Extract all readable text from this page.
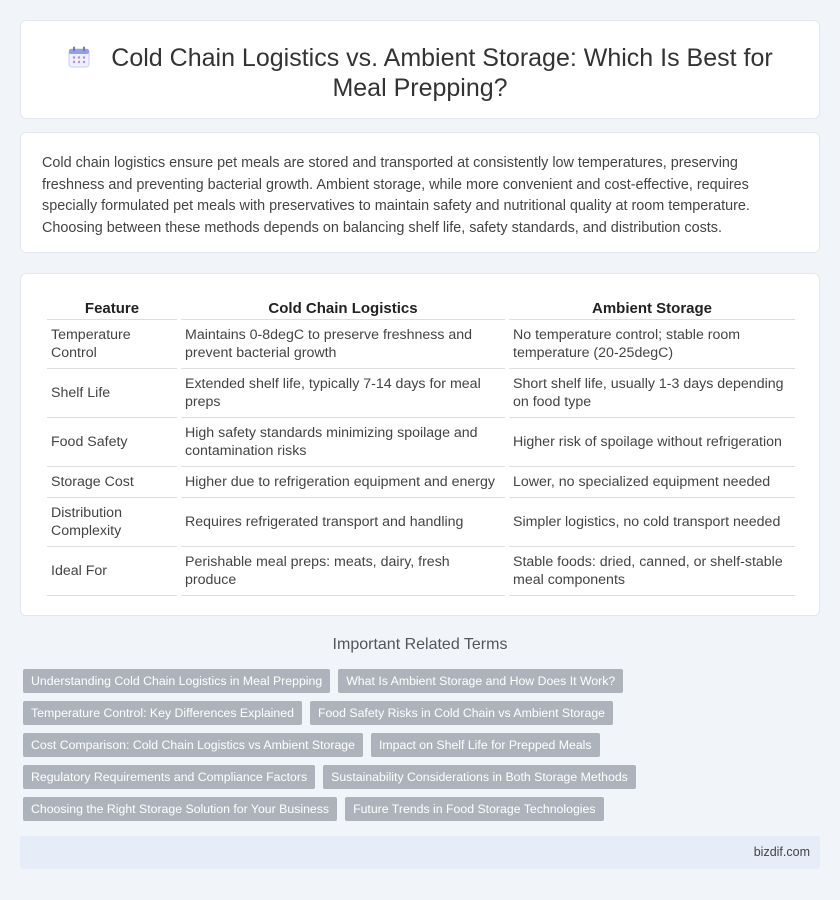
Cold Chain Logistics vs. Ambient Storage: Which Is Best for Meal Prepping?

Cold chain logistics ensure pet meals are stored and transported at consistently low temperatures, preserving freshness and preventing bacterial growth. Ambient storage, while more convenient and cost-effective, requires specially formulated pet meals with preservatives to maintain safety and nutritional quality at room temperature. Choosing between these methods depends on balancing shelf life, safety standards, and distribution costs.

Feature	Cold Chain Logistics	Ambient Storage
Temperature Control	Maintains 0-8degC to preserve freshness and prevent bacterial growth	No temperature control; stable room temperature (20-25degC)
Shelf Life	Extended shelf life, typically 7-14 days for meal preps	Short shelf life, usually 1-3 days depending on food type
Food Safety	High safety standards minimizing spoilage and contamination risks	Higher risk of spoilage without refrigeration
Storage Cost	Higher due to refrigeration equipment and energy	Lower, no specialized equipment needed
Distribution Complexity	Requires refrigerated transport and handling	Simpler logistics, no cold transport needed
Ideal For	Perishable meal preps: meats, dairy, fresh produce	Stable foods: dried, canned, or shelf-stable meal components
Important Related Terms
Understanding Cold Chain Logistics in Meal Prepping	What Is Ambient Storage and How Does It Work?
Temperature Control: Key Differences Explained	Food Safety Risks in Cold Chain vs Ambient Storage
Cost Comparison: Cold Chain Logistics vs Ambient Storage	Impact on Shelf Life for Prepped Meals
Regulatory Requirements and Compliance Factors	Sustainability Considerations in Both Storage Methods
Choosing the Right Storage Solution for Your Business	Future Trends in Food Storage Technologies
bizdif.com
